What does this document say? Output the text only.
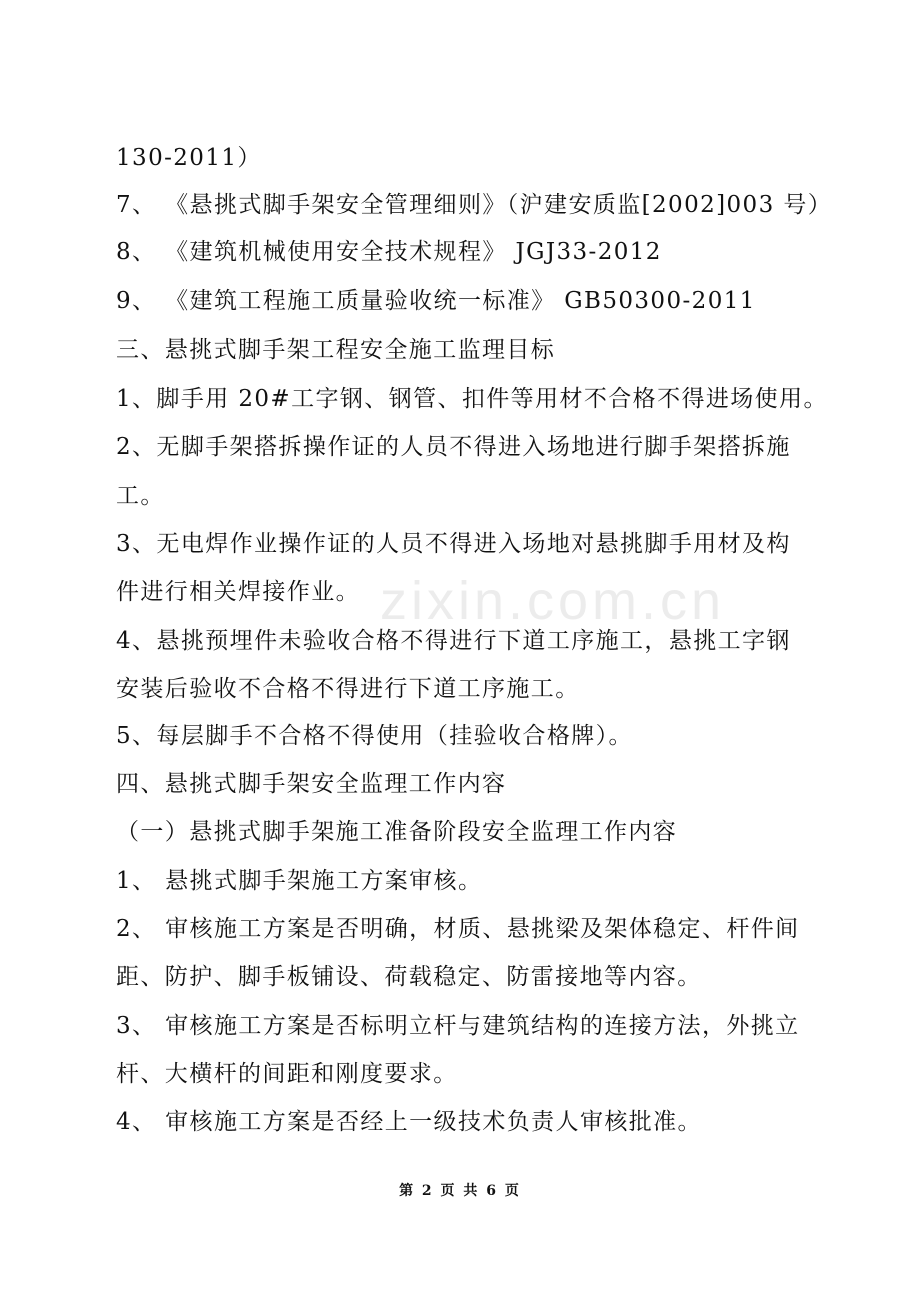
zixin.com.cn
130-2011）
7、 《悬挑式脚手架安全管理细则》（沪建安质监[2002]003 号）
8、 《建筑机械使用安全技术规程》 JGJ33-2012
9、 《建筑工程施工质量验收统一标准》 GB50300-2011
三、悬挑式脚手架工程安全施工监理目标
1、脚手用 20#工字钢、钢管、扣件等用材不合格不得进场使用。
2、无脚手架搭拆操作证的人员不得进入场地进行脚手架搭拆施
工。
3、无电焊作业操作证的人员不得进入场地对悬挑脚手用材及构
件进行相关焊接作业。
4、悬挑预埋件未验收合格不得进行下道工序施工，悬挑工字钢
安装后验收不合格不得进行下道工序施工。
5、每层脚手不合格不得使用（挂验收合格牌）。
四、悬挑式脚手架安全监理工作内容
（一）悬挑式脚手架施工准备阶段安全监理工作内容
1、 悬挑式脚手架施工方案审核。
2、 审核施工方案是否明确，材质、悬挑梁及架体稳定、杆件间
距、防护、脚手板铺设、荷载稳定、防雷接地等内容。
3、 审核施工方案是否标明立杆与建筑结构的连接方法，外挑立
杆、大横杆的间距和刚度要求。
4、 审核施工方案是否经上一级技术负责人审核批准。
第 2 页 共 6 页
